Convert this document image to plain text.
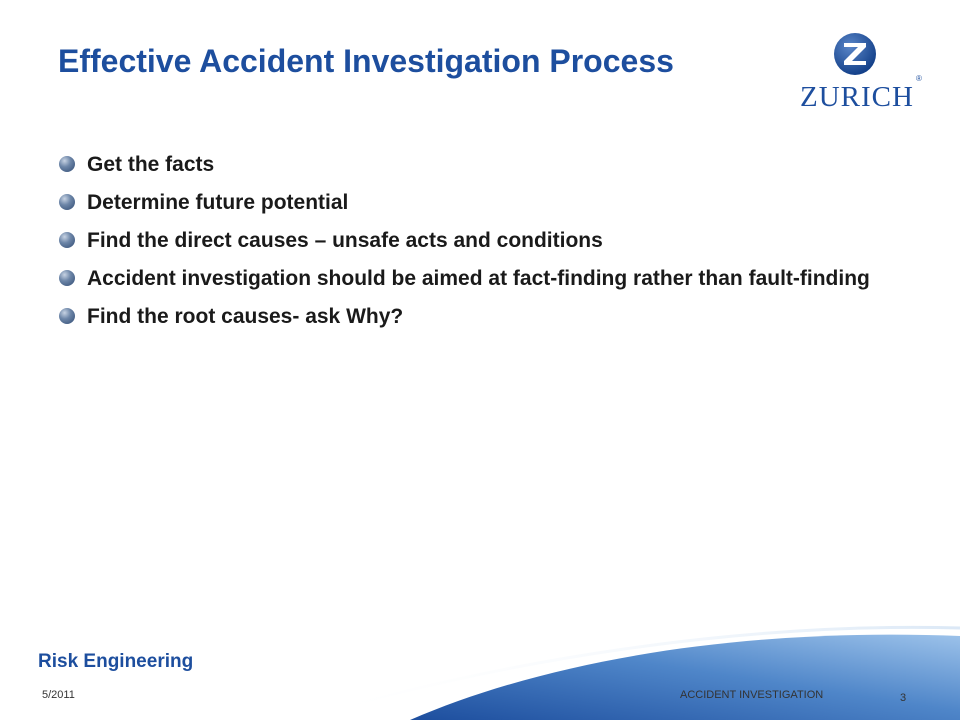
Effective Accident Investigation Process
ZURICH
®
Get the facts
Determine future potential
Find the direct causes – unsafe acts and conditions
Accident investigation should be aimed at fact-finding rather than fault-finding
Find the root causes- ask Why?
Risk Engineering
5/2011	ACCIDENT INVESTIGATION	3
